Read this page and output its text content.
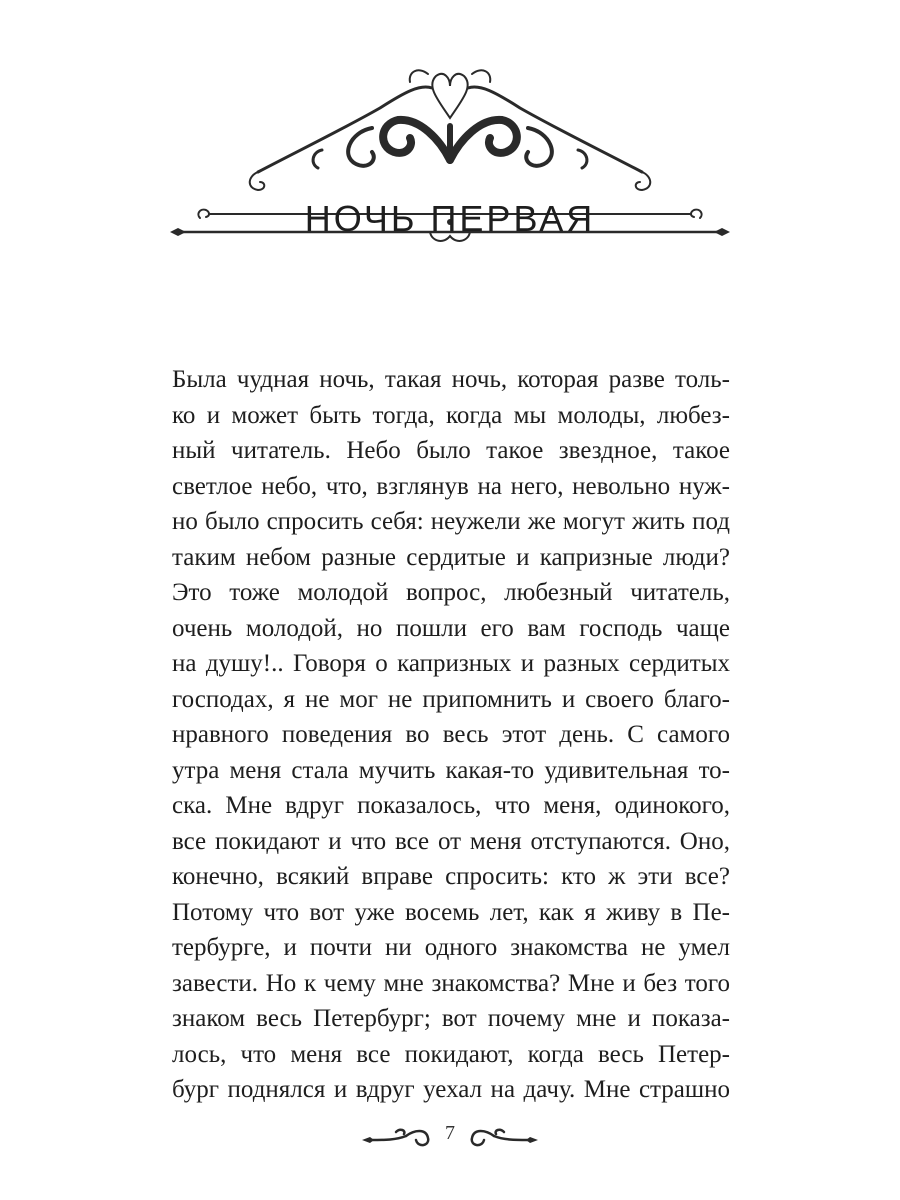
НОЧЬ ПЕРВАЯ
Была чудная ночь, такая ночь, которая разве толь-
ко и может быть тогда, когда мы молоды, любез-
ный читатель. Небо было такое звездное, такое
светлое небо, что, взглянув на него, невольно нуж-
но было спросить себя: неужели же могут жить под
таким небом разные сердитые и капризные люди?
Это тоже молодой вопрос, любезный читатель,
очень молодой, но пошли его вам господь чаще
на душу!.. Говоря о капризных и разных сердитых
господах, я не мог не припомнить и своего благо-
нравного поведения во весь этот день. С самого
утра меня стала мучить какая-то удивительная то-
ска. Мне вдруг показалось, что меня, одинокого,
все покидают и что все от меня отступаются. Оно,
конечно, всякий вправе спросить: кто ж эти все?
Потому что вот уже восемь лет, как я живу в Пе-
тербурге, и почти ни одного знакомства не умел
завести. Но к чему мне знакомства? Мне и без того
знаком весь Петербург; вот почему мне и показа-
лось, что меня все покидают, когда весь Петер-
бург поднялся и вдруг уехал на дачу. Мне страшно
7
